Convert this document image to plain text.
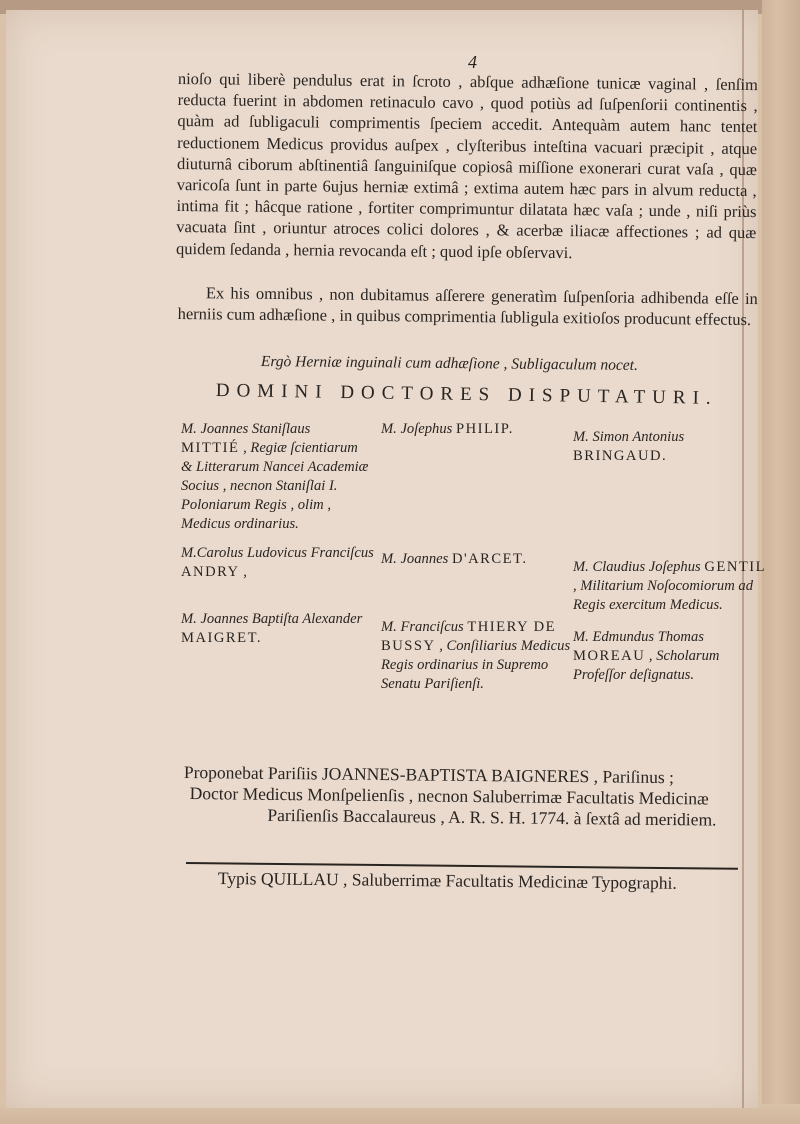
4

nioſo qui liberè pendulus erat in ſcroto , abſque adhæſione tunicæ vaginal , ſenſim reducta fuerint in abdomen retinaculo cavo , quod potiùs ad ſuſpenſorii continentis , quàm ad ſubligaculi comprimentis ſpeciem accedit. Antequàm autem hanc tentet reductionem Medicus providus auſpex , clyſteribus inteſtina vacuari præcipit , atque diuturnâ ciborum abſtinentiâ ſanguiniſque copiosâ miſſione exonerari curat vaſa , quæ varicoſa ſunt in parte 6ujus herniæ extimâ ; extima autem hæc pars in alvum reducta , intima fit ; hâcque ratione , fortiter comprimuntur dilatata hæc vaſa ; unde , niſi priùs vacuata ſint , oriuntur atroces colici dolores , & acerbæ iliacæ affectiones ; ad quæ quidem ſedanda , hernia revocanda eſt ; quod ipſe obſervavi.

Ex his omnibus , non dubitamus aſſerere generatìm ſuſpenſoria adhibenda eſſe in herniis cum adhæſione , in quibus comprimentia ſubligula exitioſos producunt effectus.

Ergò Herniæ inguinali cum adhæſione , Subligaculum nocet.
DOMINI DOCTORES DISPUTATURI.
M. Joannes Staniſlaus MITTIÉ , Regiæ ſcientiarum & Litterarum Nancei Academiæ Socius , necnon Staniſlai I. Poloniarum Regis , olim , Medicus ordinarius.
M. Joſephus PHILIP.	M. Simon Antonius BRINGAUD.
M.Carolus Ludovicus Franciſcus ANDRY ,
M. Joannes D'ARCET.	M. Claudius Joſephus GENTIL , Militarium Noſocomiorum ad Regis exercitum Medicus.
M. Joannes Baptiſta Alexander MAIGRET.
M. Franciſcus THIERY DE BUSSY , Conſiliarius Medicus Regis ordinarius in Supremo Senatu Pariſienſi.
M. Edmundus Thomas MOREAU , Scholarum Profeſſor deſignatus.
Proponebat Pariſiis JOANNES-BAPTISTA BAIGNERES , Pariſinus ;
Doctor Medicus Monſpelienſis , necnon Saluberrimæ Facultatis Medicinæ
Pariſienſis Baccalaureus , A. R. S. H. 1774. à ſextâ ad meridiem.
Typis QUILLAU , Saluberrimæ Facultatis Medicinæ Typographi.
